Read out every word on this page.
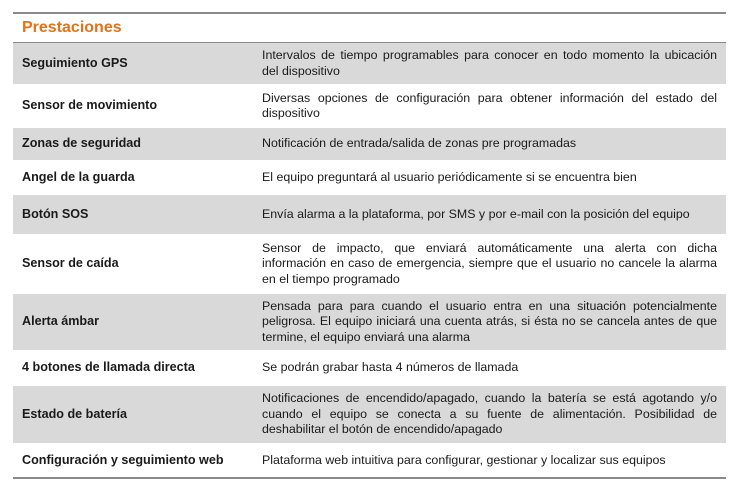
Prestaciones
Seguimiento GPS	Intervalos de tiempo programables para conocer en todo momento la ubicación del dispositivo
Sensor de movimiento	Diversas opciones de configuración para obtener información del estado del dispositivo
Zonas de seguridad	Notificación de entrada/salida de zonas pre programadas
Angel de la guarda	El equipo preguntará al usuario periódicamente si se encuentra bien
Botón SOS	Envía alarma a la plataforma, por SMS y por e-mail con la posición del equipo
Sensor de caída	Sensor de impacto, que enviará automáticamente una alerta con dicha información en caso de emergencia, siempre que el usuario no cancele la alarma en el tiempo programado
Alerta ámbar	Pensada para para cuando el usuario entra en una situación potencialmente peligrosa. El equipo iniciará una cuenta atrás, si ésta no se cancela antes de que termine, el equipo enviará una alarma
4 botones de llamada directa	Se podrán grabar hasta 4 números de llamada
Estado de batería	Notificaciones de encendido/apagado, cuando la batería se está agotando y/o cuando el equipo se conecta a su fuente de alimentación. Posibilidad de deshabilitar el botón de encendido/apagado
Configuración y seguimiento web	Plataforma web intuitiva para configurar, gestionar y localizar sus equipos
